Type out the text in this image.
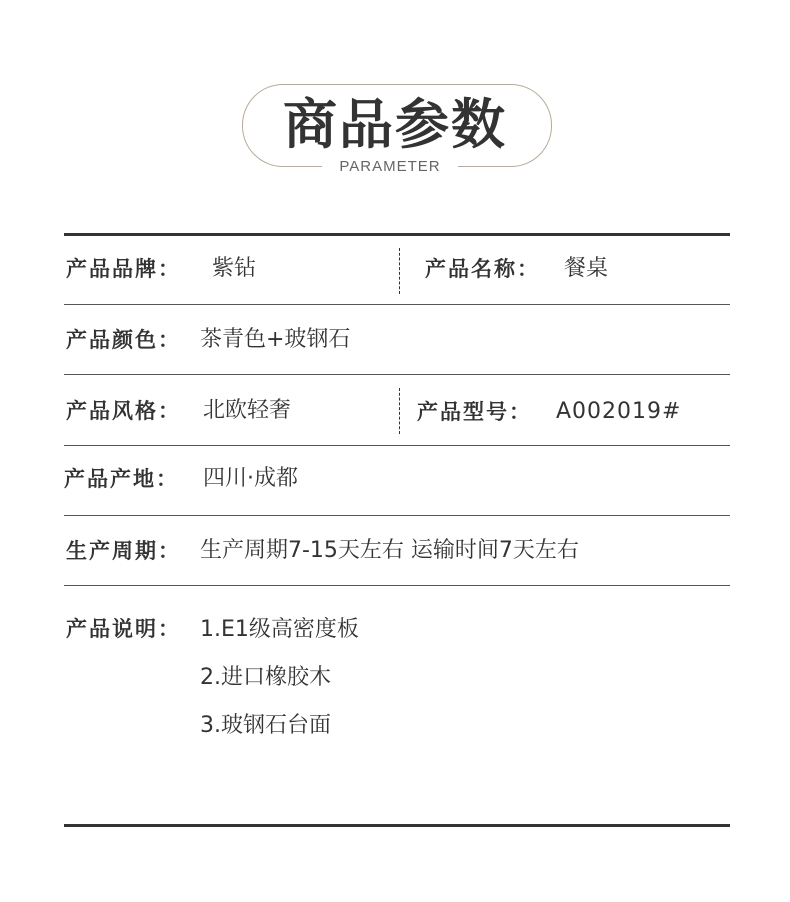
商品参数
PARAMETER
产品品牌： 紫钻	产品名称： 餐桌
产品颜色： 茶青色+玻钢石
产品风格： 北欧轻奢	产品型号： A002019#
产品产地： 四川·成都
生产周期： 生产周期7-15天左右 运输时间7天左右
产品说明： 1.E1级高密度板
2.进口橡胶木
3.玻钢石台面
